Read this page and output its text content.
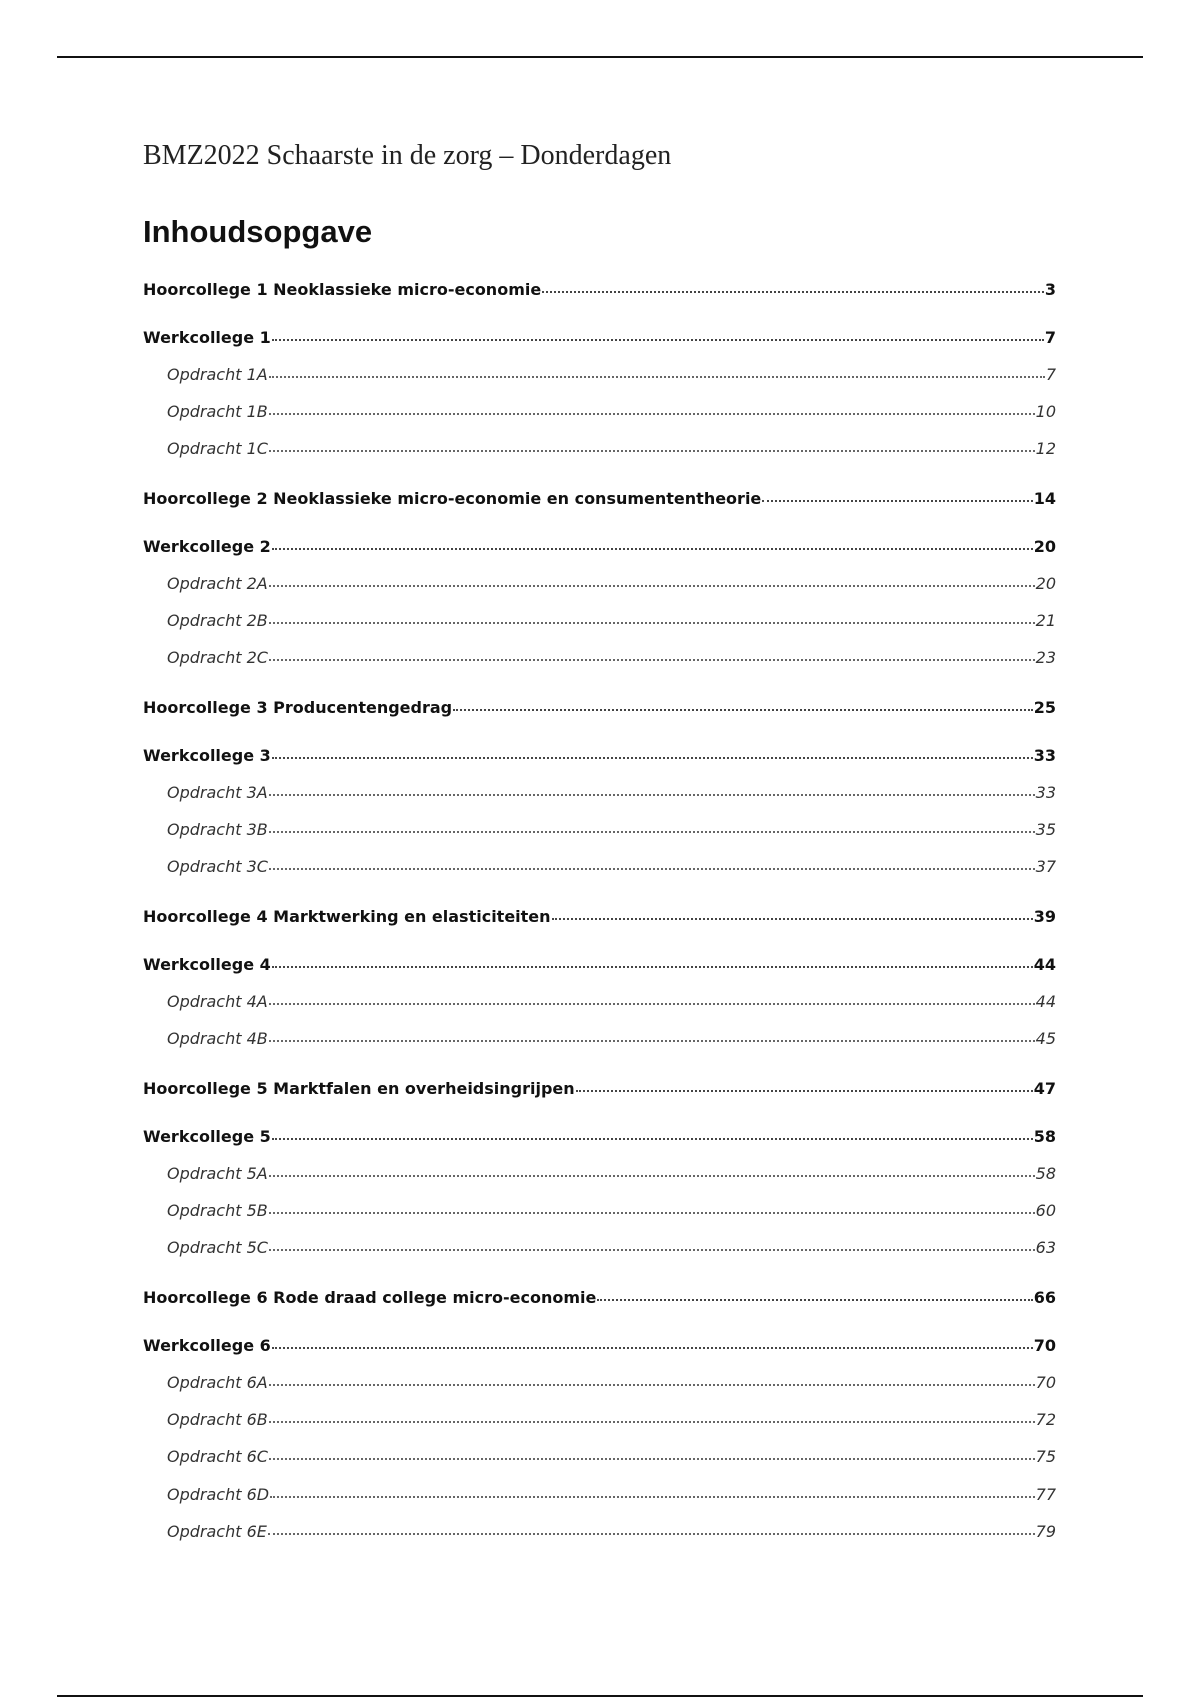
BMZ2022 Schaarste in de zorg – Donderdagen
Inhoudsopgave
Hoorcollege 1 Neoklassieke micro-economie	3
Werkcollege 1	7
Opdracht 1A	7
Opdracht 1B	10
Opdracht 1C	12
Hoorcollege 2 Neoklassieke micro-economie en consumententheorie	14
Werkcollege 2	20
Opdracht 2A	20
Opdracht 2B	21
Opdracht 2C	23
Hoorcollege 3 Producentengedrag	25
Werkcollege 3	33
Opdracht 3A	33
Opdracht 3B	35
Opdracht 3C	37
Hoorcollege 4 Marktwerking en elasticiteiten	39
Werkcollege 4	44
Opdracht 4A	44
Opdracht 4B	45
Hoorcollege 5 Marktfalen en overheidsingrijpen	47
Werkcollege 5	58
Opdracht 5A	58
Opdracht 5B	60
Opdracht 5C	63
Hoorcollege 6 Rode draad college micro-economie	66
Werkcollege 6	70
Opdracht 6A	70
Opdracht 6B	72
Opdracht 6C	75
Opdracht 6D	77
Opdracht 6E	79
